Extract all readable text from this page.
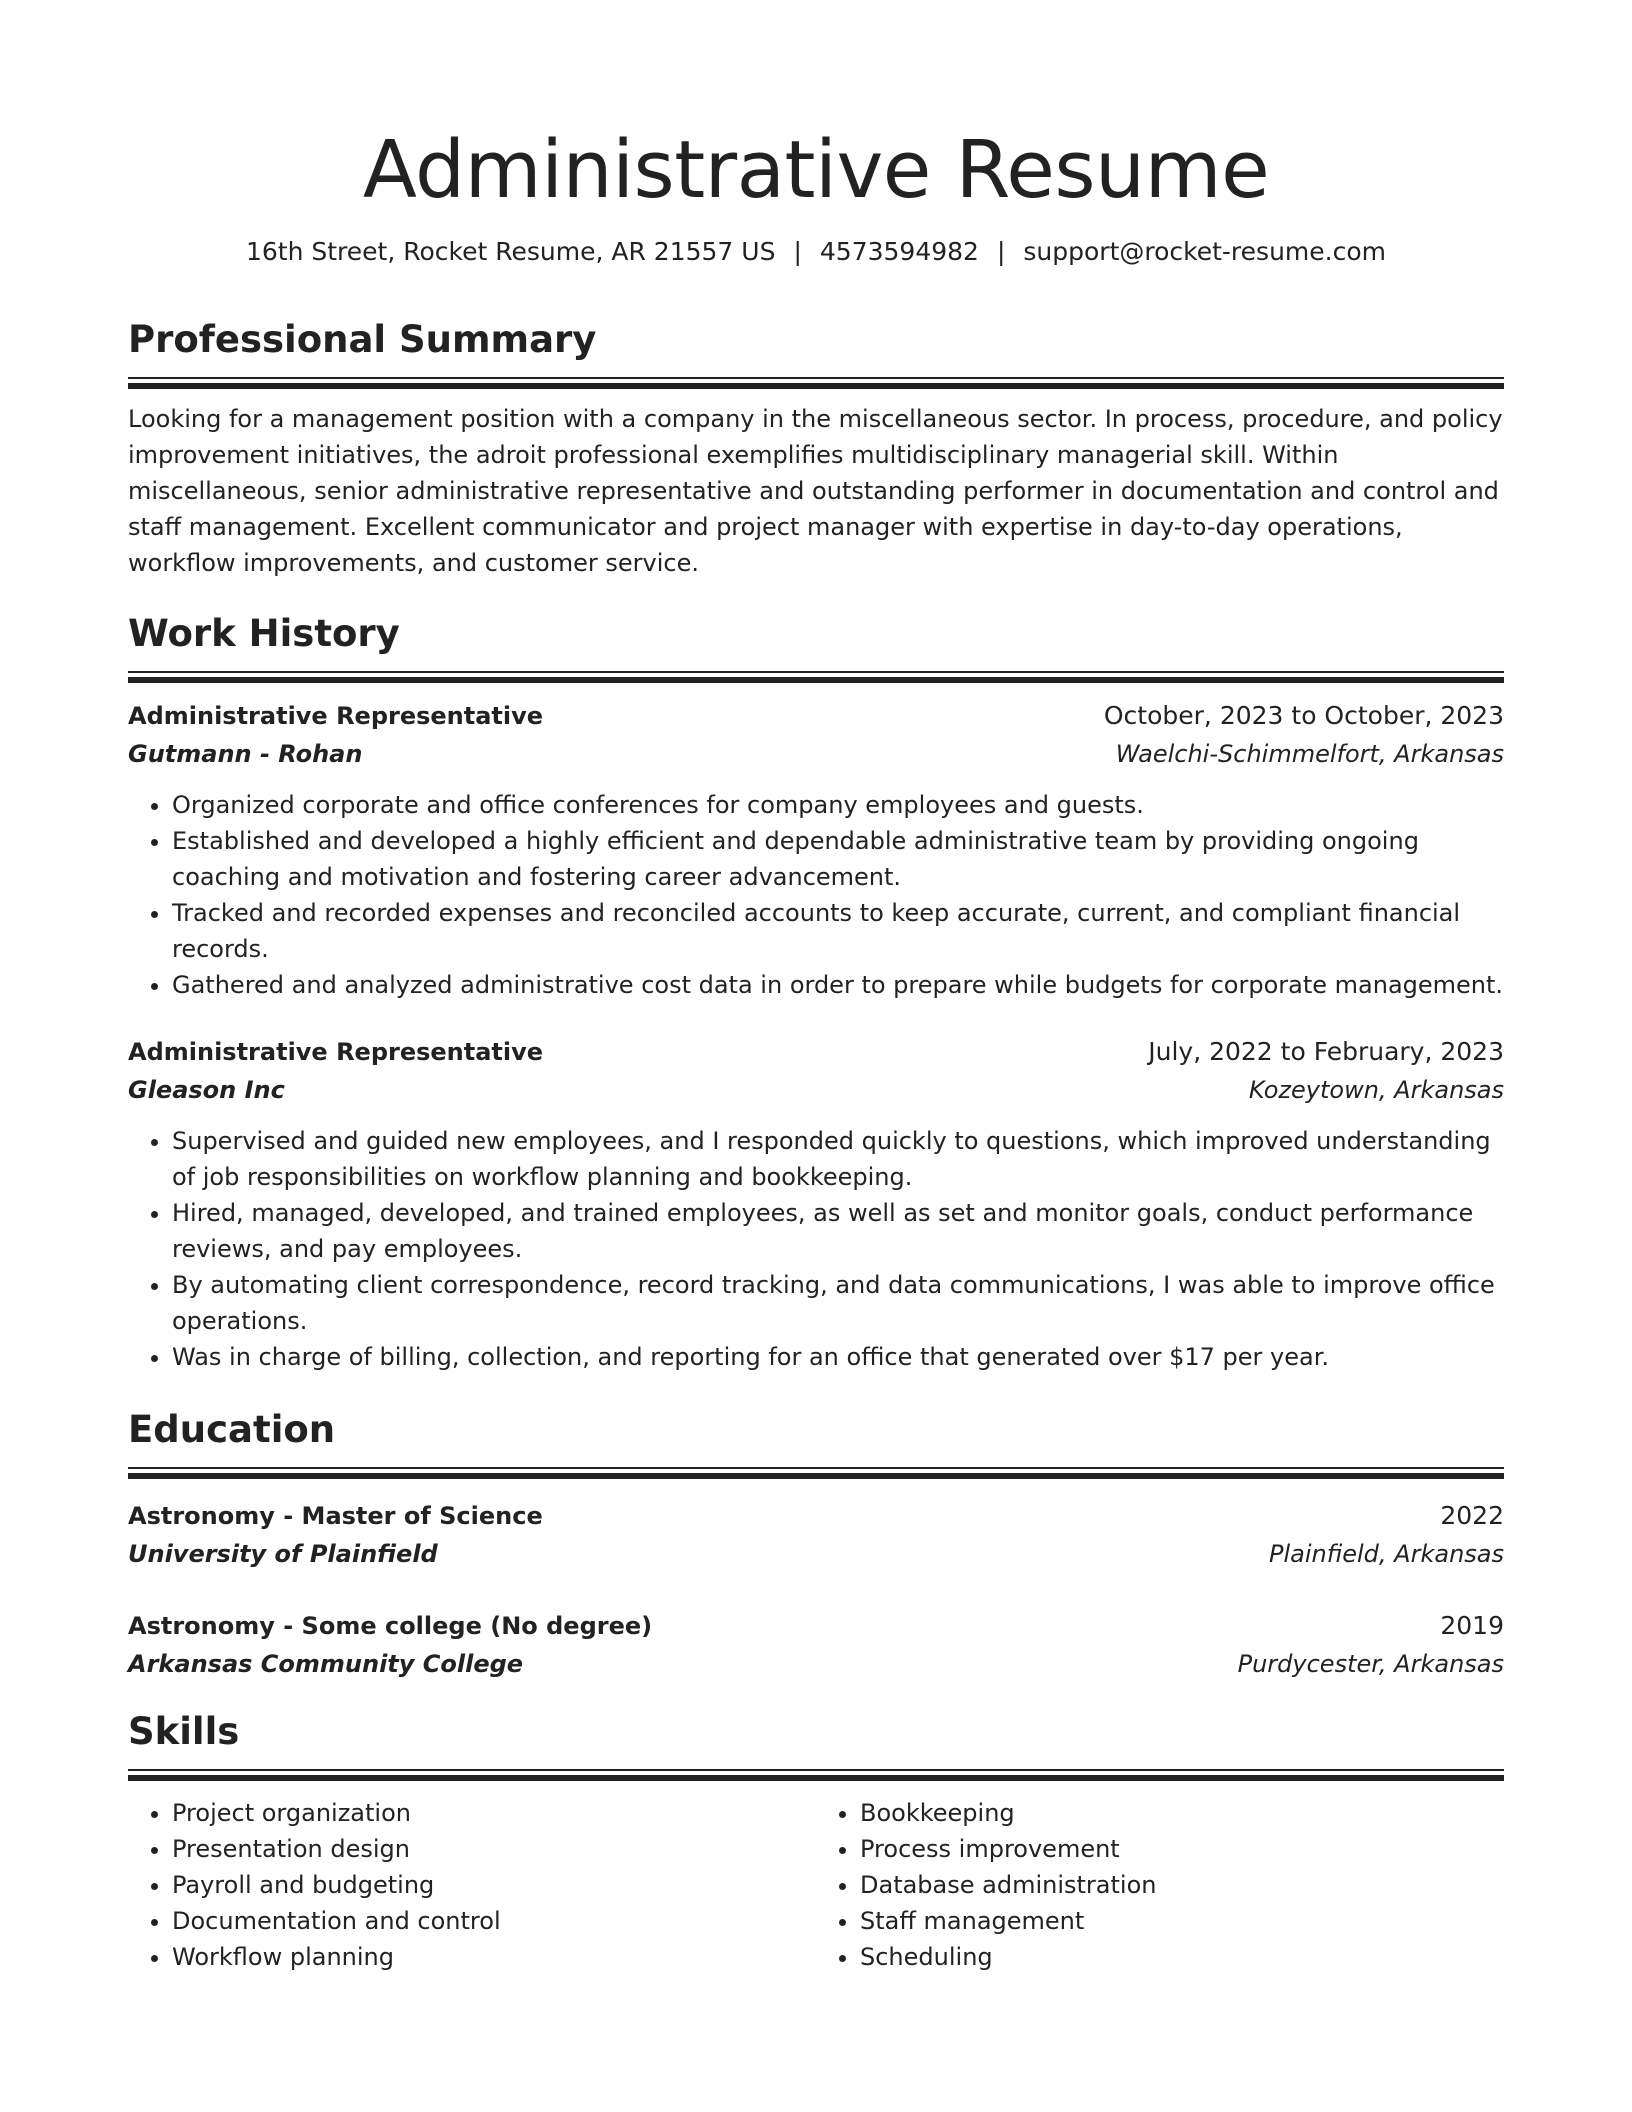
Administrative Resume
16th Street, Rocket Resume, AR 21557 US | 4573594982 | support@rocket-resume.com
Professional Summary

Looking for a management position with a company in the miscellaneous sector. In process, procedure, and policy improvement initiatives, the adroit professional exemplifies multidisciplinary managerial skill. Within miscellaneous, senior administrative representative and outstanding performer in documentation and control and staff management. Excellent communicator and project manager with expertise in day-to-day operations, workflow improvements, and customer service.

Work History
Administrative Representative	October, 2023 to October, 2023
Gutmann - Rohan	Waelchi-Schimmelfort, Arkansas
• Organized corporate and office conferences for company employees and guests.
• Established and developed a highly efficient and dependable administrative team by providing ongoing coaching and motivation and fostering career advancement.
• Tracked and recorded expenses and reconciled accounts to keep accurate, current, and compliant financial records.
• Gathered and analyzed administrative cost data in order to prepare while budgets for corporate management.
Administrative Representative	July, 2022 to February, 2023
Gleason Inc	Kozeytown, Arkansas
• Supervised and guided new employees, and I responded quickly to questions, which improved understanding of job responsibilities on workflow planning and bookkeeping.
• Hired, managed, developed, and trained employees, as well as set and monitor goals, conduct performance reviews, and pay employees.
• By automating client correspondence, record tracking, and data communications, I was able to improve office operations.
• Was in charge of billing, collection, and reporting for an office that generated over $17 per year.
Education
Astronomy - Master of Science	2022
University of Plainfield	Plainfield, Arkansas
Astronomy - Some college (No degree)	2019
Arkansas Community College	Purdycester, Arkansas
Skills
• Project organization
• Presentation design
• Payroll and budgeting
• Documentation and control
• Workflow planning
• Bookkeeping
• Process improvement
• Database administration
• Staff management
• Scheduling
